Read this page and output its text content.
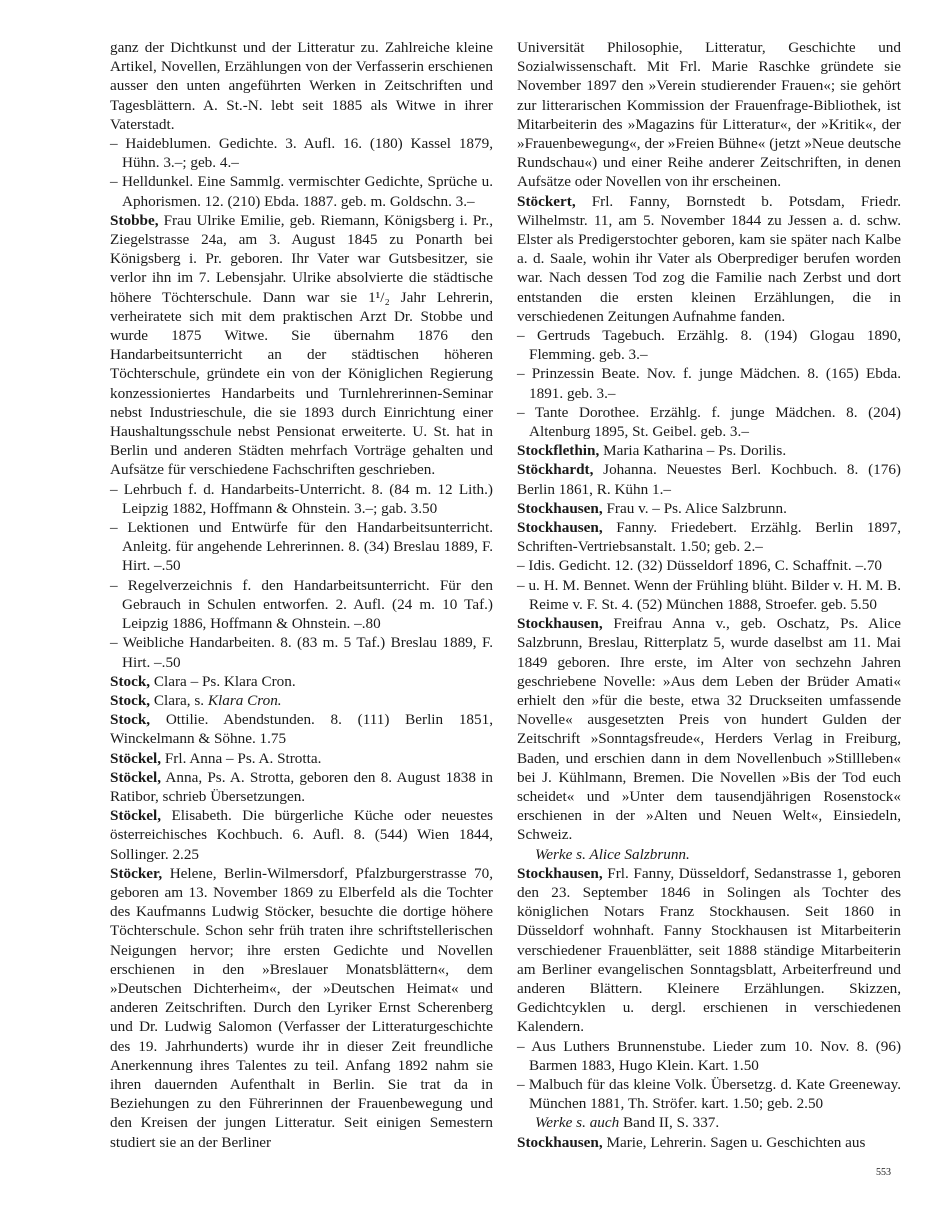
ganz der Dichtkunst und der Litteratur zu. Zahlreiche kleine Artikel, Novellen, Erzählungen von der Verfasserin erschienen ausser den unten angeführten Werken in Zeitschriften und Tagesblättern. A. St.-N. lebt seit 1885 als Witwe in ihrer Vaterstadt.
– Haideblumen. Gedichte. 3. Aufl. 16. (180) Kassel 1879, Hühn. 3.–; geb. 4.–
– Helldunkel. Eine Sammlg. vermischter Gedichte, Sprüche u. Aphorismen. 12. (210) Ebda. 1887. geb. m. Goldschn. 3.–
Stobbe, Frau Ulrike Emilie, geb. Riemann, Königsberg i. Pr., Ziegelstrasse 24a, am 3. August 1845 zu Ponarth bei Königsberg i. Pr. geboren. Ihr Vater war Gutsbesitzer, sie verlor ihn im 7. Lebensjahr. Ulrike absolvierte die städtische höhere Töchterschule. Dann war sie 1¹/₂ Jahr Lehrerin, verheiratete sich mit dem praktischen Arzt Dr. Stobbe und wurde 1875 Witwe. Sie übernahm 1876 den Handarbeitsunterricht an der städtischen höheren Töchterschule, gründete ein von der Königlichen Regierung konzessioniertes Handarbeits und Turnlehrerinnen-Seminar nebst Industrieschule, die sie 1893 durch Einrichtung einer Haushaltungsschule nebst Pensionat erweiterte. U. St. hat in Berlin und anderen Städten mehrfach Vorträge gehalten und Aufsätze für verschiedene Fachschriften geschrieben.
– Lehrbuch f. d. Handarbeits-Unterricht. 8. (84 m. 12 Lith.) Leipzig 1882, Hoffmann & Ohnstein. 3.–; gab. 3.50
– Lektionen und Entwürfe für den Handarbeitsunterricht. Anleitg. für angehende Lehrerinnen. 8. (34) Breslau 1889, F. Hirt. –.50
– Regelverzeichnis f. den Handarbeitsunterricht. Für den Gebrauch in Schulen entworfen. 2. Aufl. (24 m. 10 Taf.) Leipzig 1886, Hoffmann & Ohnstein. –.80
– Weibliche Handarbeiten. 8. (83 m. 5 Taf.) Breslau 1889, F. Hirt. –.50
Stock, Clara – Ps. Klara Cron.
Stock, Clara, s. Klara Cron.
Stock, Ottilie. Abendstunden. 8. (111) Berlin 1851, Winckelmann & Söhne. 1.75
Stöckel, Frl. Anna – Ps. A. Strotta.
Stöckel, Anna, Ps. A. Strotta, geboren den 8. August 1838 in Ratibor, schrieb Übersetzungen.
Stöckel, Elisabeth. Die bürgerliche Küche oder neuestes österreichisches Kochbuch. 6. Aufl. 8. (544) Wien 1844, Sollinger. 2.25
Stöcker, Helene, Berlin-Wilmersdorf, Pfalzburgerstrasse 70, geboren am 13. November 1869 zu Elberfeld als die Tochter des Kaufmanns Ludwig Stöcker, besuchte die dortige höhere Töchterschule. Schon sehr früh traten ihre schriftstellerischen Neigungen hervor; ihre ersten Gedichte und Novellen erschienen in den »Breslauer Monatsblättern«, dem »Deutschen Dichterheim«, der »Deutschen Heimat« und anderen Zeitschriften. Durch den Lyriker Ernst Scherenberg und Dr. Ludwig Salomon (Verfasser der Litteraturgeschichte des 19. Jahrhunderts) wurde ihr in dieser Zeit freundliche Anerkennung ihres Talentes zu teil. Anfang 1892 nahm sie ihren dauernden Aufenthalt in Berlin. Sie trat da in Beziehungen zu den Führerinnen der Frauenbewegung und den Kreisen der jungen Litteratur. Seit einigen Semestern studiert sie an der Berliner
Universität Philosophie, Litteratur, Geschichte und Sozialwissenschaft. Mit Frl. Marie Raschke gründete sie November 1897 den »Verein studierender Frauen«; sie gehört zur litterarischen Kommission der Frauenfrage-Bibliothek, ist Mitarbeiterin des »Magazins für Litteratur«, der »Kritik«, der »Frauenbewegung«, der »Freien Bühne« (jetzt »Neue deutsche Rundschau«) und einer Reihe anderer Zeitschriften, in denen Aufsätze oder Novellen von ihr erscheinen.
Stöckert, Frl. Fanny, Bornstedt b. Potsdam, Friedr. Wilhelmstr. 11, am 5. November 1844 zu Jessen a. d. schw. Elster als Predigerstochter geboren, kam sie später nach Kalbe a. d. Saale, wohin ihr Vater als Oberprediger berufen worden war. Nach dessen Tod zog die Familie nach Zerbst und dort entstanden die ersten kleinen Erzählungen, die in verschiedenen Zeitungen Aufnahme fanden.
– Gertruds Tagebuch. Erzählg. 8. (194) Glogau 1890, Flemming. geb. 3.–
– Prinzessin Beate. Nov. f. junge Mädchen. 8. (165) Ebda. 1891. geb. 3.–
– Tante Dorothee. Erzählg. f. junge Mädchen. 8. (204) Altenburg 1895, St. Geibel. geb. 3.–
Stockflethin, Maria Katharina – Ps. Dorilis.
Stöckhardt, Johanna. Neuestes Berl. Kochbuch. 8. (176) Berlin 1861, R. Kühn 1.–
Stockhausen, Frau v. – Ps. Alice Salzbrunn.
Stockhausen, Fanny. Friedebert. Erzählg. Berlin 1897, Schriften-Vertriebsanstalt. 1.50; geb. 2.–
– Idis. Gedicht. 12. (32) Düsseldorf 1896, C. Schaffnit. –.70
– u. H. M. Bennet. Wenn der Frühling blüht. Bilder v. H. M. B. Reime v. F. St. 4. (52) München 1888, Stroefer. geb. 5.50
Stockhausen, Freifrau Anna v., geb. Oschatz, Ps. Alice Salzbrunn, Breslau, Ritterplatz 5, wurde daselbst am 11. Mai 1849 geboren. Ihre erste, im Alter von sechzehn Jahren geschriebene Novelle: »Aus dem Leben der Brüder Amati« erhielt den »für die beste, etwa 32 Druckseiten umfassende Novelle« ausgesetzten Preis von hundert Gulden der Zeitschrift »Sonntagsfreude«, Herders Verlag in Freiburg, Baden, und erschien dann in dem Novellenbuch »Stillleben« bei J. Kühlmann, Bremen. Die Novellen »Bis der Tod euch scheidet« und »Unter dem tausendjährigen Rosenstock« erschienen in der »Alten und Neuen Welt«, Einsiedeln, Schweiz.
Werke s. Alice Salzbrunn.
Stockhausen, Frl. Fanny, Düsseldorf, Sedanstrasse 1, geboren den 23. September 1846 in Solingen als Tochter des königlichen Notars Franz Stockhausen. Seit 1860 in Düsseldorf wohnhaft. Fanny Stockhausen ist Mitarbeiterin verschiedener Frauenblätter, seit 1888 ständige Mitarbeiterin am Berliner evangelischen Sonntagsblatt, Arbeiterfreund und anderen Blättern. Kleinere Erzählungen. Skizzen, Gedichtcyklen u. dergl. erschienen in verschiedenen Kalendern.
– Aus Luthers Brunnenstube. Lieder zum 10. Nov. 8. (96) Barmen 1883, Hugo Klein. Kart. 1.50
– Malbuch für das kleine Volk. Übersetzg. d. Kate Greeneway. München 1881, Th. Ströfer. kart. 1.50; geb. 2.50
Werke s. auch Band II, S. 337.
Stockhausen, Marie, Lehrerin. Sagen u. Geschichten aus
553
